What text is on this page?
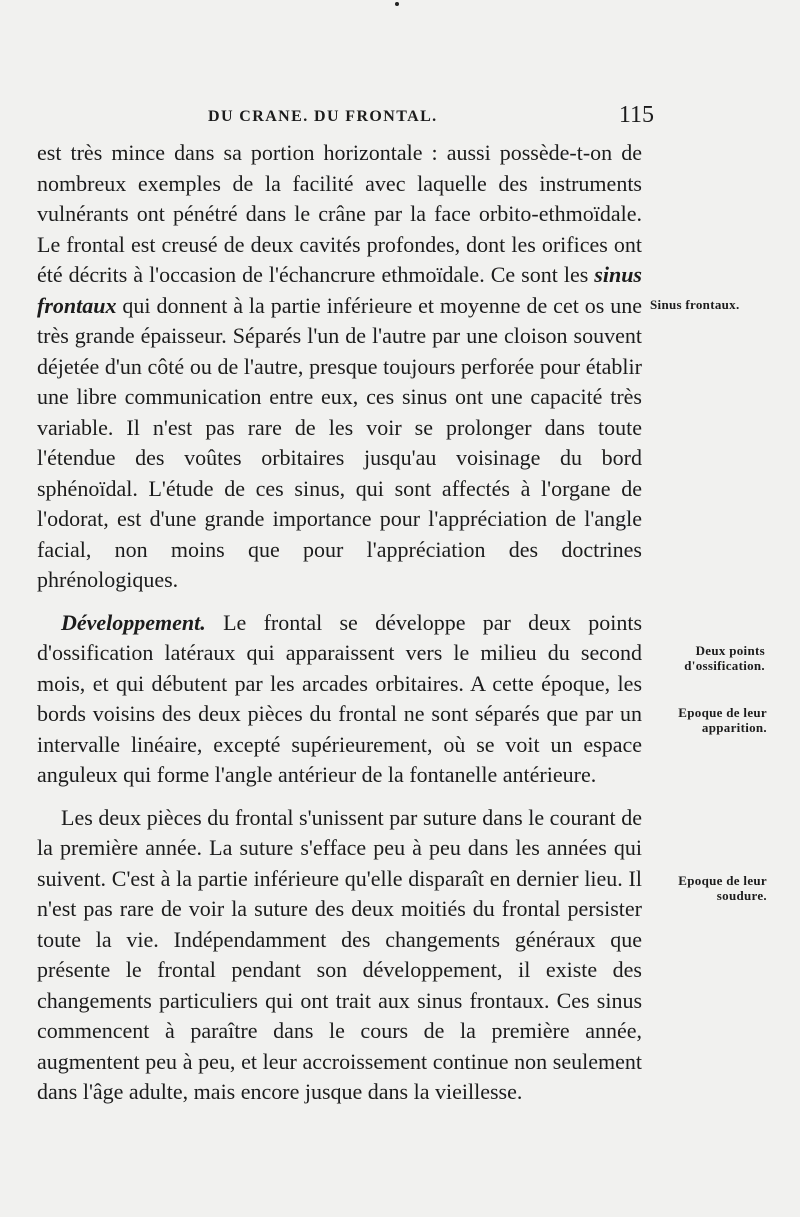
DU CRANE. DU FRONTAL.	115

est très mince dans sa portion horizontale : aussi possède-t-on de nombreux exemples de la facilité avec laquelle des instruments vulnérants ont pénétré dans le crâne par la face orbito-ethmoïdale. Le frontal est creusé de deux cavités profondes, dont les orifices ont été décrits à l'occasion de l'échancrure ethmoïdale. Ce sont les sinus frontaux qui donnent à la partie inférieure et moyenne de cet os une très grande épaisseur. Séparés l'un de l'autre par une cloison souvent déjetée d'un côté ou de l'autre, presque toujours perforée pour établir une libre communication entre eux, ces sinus ont une capacité très variable. Il n'est pas rare de les voir se prolonger dans toute l'étendue des voûtes orbitaires jusqu'au voisinage du bord sphénoïdal. L'étude de ces sinus, qui sont affectés à l'organe de l'odorat, est d'une grande importance pour l'appréciation de l'angle facial, non moins que pour l'appréciation des doctrines phrénologiques.

Développement. Le frontal se développe par deux points d'ossification latéraux qui apparaissent vers le milieu du second mois, et qui débutent par les arcades orbitaires. A cette époque, les bords voisins des deux pièces du frontal ne sont séparés que par un intervalle linéaire, excepté supérieurement, où se voit un espace anguleux qui forme l'angle antérieur de la fontanelle antérieure.

Les deux pièces du frontal s'unissent par suture dans le courant de la première année. La suture s'efface peu à peu dans les années qui suivent. C'est à la partie inférieure qu'elle disparaît en dernier lieu. Il n'est pas rare de voir la suture des deux moitiés du frontal persister toute la vie. Indépendamment des changements généraux que présente le frontal pendant son développement, il existe des changements particuliers qui ont trait aux sinus frontaux. Ces sinus commencent à paraître dans le cours de la première année, augmentent peu à peu, et leur accroissement continue non seulement dans l'âge adulte, mais encore jusque dans la vieillesse.

Sinus frontaux.
Deux points d'ossification.
Epoque de leur apparition.
Epoque de leur soudure.
